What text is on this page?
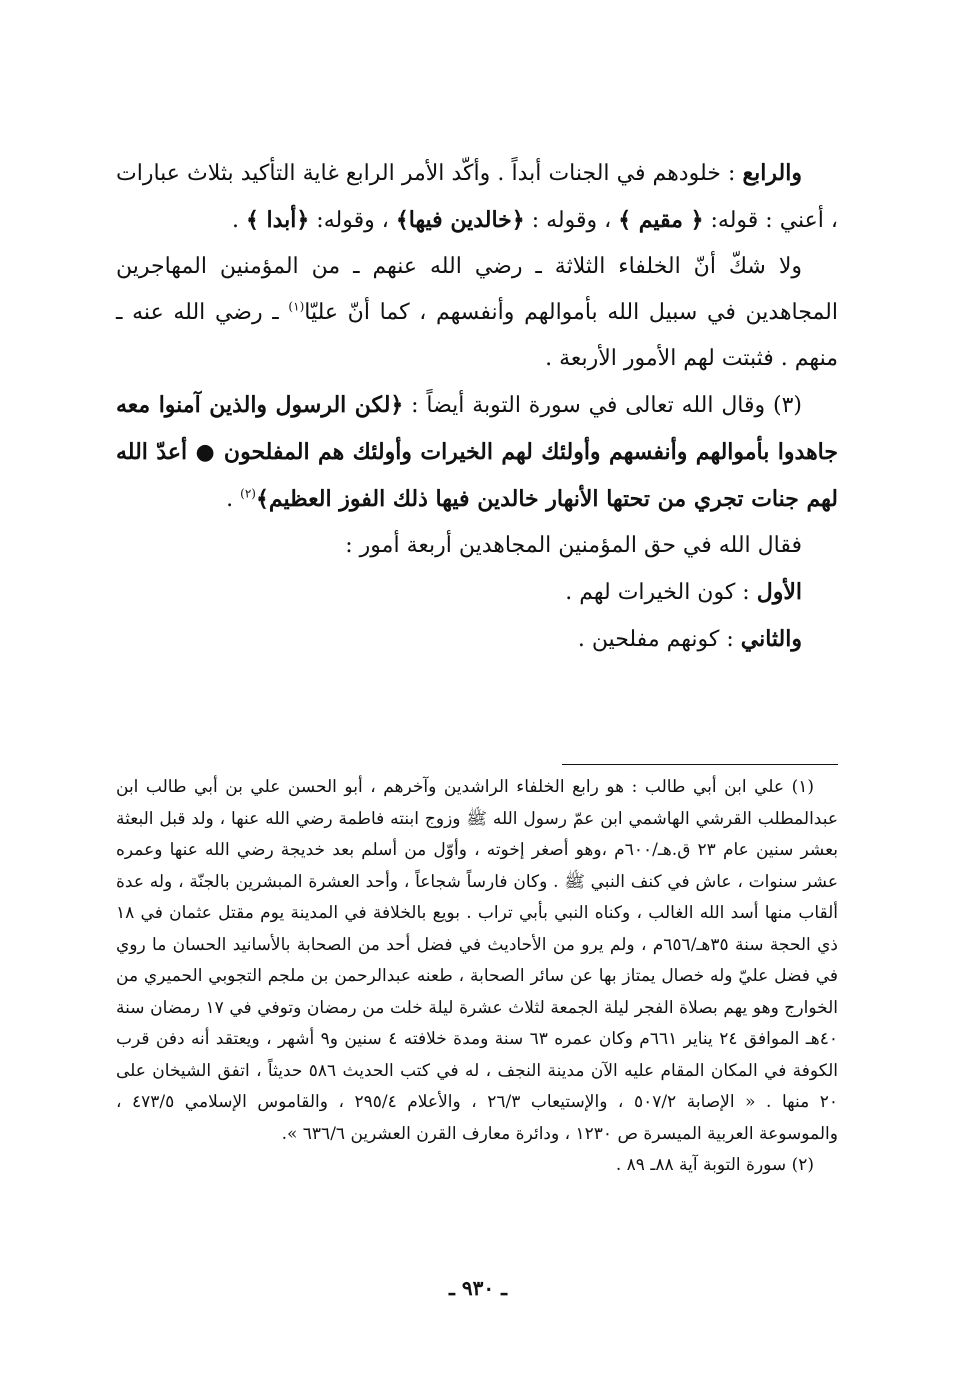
والرابع : خلودهم في الجنات أبداً . وأكّد الأمر الرابع غاية التأكيد بثلاث عبارات ، أعني : قوله: ﴿ مقيم ﴾ ، وقوله : ﴿خالدين فيها﴾ ، وقوله: ﴿أبدا ﴾ .

ولا شكّ أنّ الخلفاء الثلاثة ـ رضي الله عنهم ـ من المؤمنين المهاجرين المجاهدين في سبيل الله بأموالهم وأنفسهم ، كما أنّ عليّا$^{(١)}$ ـ رضي الله عنه ـ منهم . فثبتت لهم الأمور الأربعة .

(٣) وقال الله تعالى في سورة التوبة أيضاً : ﴿لكن الرسول والذين آمنوا معه جاهدوا بأموالهم وأنفسهم وأولئك لهم الخيرات وأولئك هم المفلحون ● أعدّ الله لهم جنات تجري من تحتها الأنهار خالدين فيها ذلك الفوز العظيم﴾$^{(٢)}$ .

فقال الله في حق المؤمنين المجاهدين أربعة أمور :

الأول : كون الخيرات لهم .

والثاني : كونهم مفلحين .

(١) علي ابن أبي طالب : هو رابع الخلفاء الراشدين وآخرهم ، أبو الحسن علي بن أبي طالب ابن عبدالمطلب القرشي الهاشمي ابن عمّ رسول الله ﷺ وزوج ابنته فاطمة رضي الله عنها ، ولد قبل البعثة بعشر سنين عام ٢٣ ق.هـ/٦٠٠م ،وهو أصغر إخوته ، وأوّل من أسلم بعد خديجة رضي الله عنها وعمره عشر سنوات ، عاش في كنف النبي ﷺ . وكان فارساً شجاعاً ، وأحد العشرة المبشرين بالجنّة ، وله عدة ألقاب منها أسد الله الغالب ، وكناه النبي بأبي تراب . بويع بالخلافة في المدينة يوم مقتل عثمان في ١٨ ذي الحجة سنة ٣٥هـ/٦٥٦م ، ولم يرو من الأحاديث في فضل أحد من الصحابة بالأسانيد الحسان ما روي في فضل عليّ وله خصال يمتاز بها عن سائر الصحابة ، طعنه عبدالرحمن بن ملجم التجوبي الحميري من الخوارج وهو يهم بصلاة الفجر ليلة الجمعة لثلاث عشرة ليلة خلت من رمضان وتوفي في ١٧ رمضان سنة ٤٠هـ الموافق ٢٤ يناير ٦٦١م وكان عمره ٦٣ سنة ومدة خلافته ٤ سنين و٩ أشهر ، ويعتقد أنه دفن قرب الكوفة في المكان المقام عليه الآن مدينة النجف ، له في كتب الحديث ٥٨٦ حديثاً ، اتفق الشيخان على ٢٠ منها . « الإصابة ٥٠٧/٢ ، والإستيعاب ٢٦/٣ ، والأعلام ٢٩٥/٤ ، والقاموس الإسلامي ٤٧٣/٥ ، والموسوعة العربية الميسرة ص ١٢٣٠ ، ودائرة معارف القرن العشرين ٦٣٦/٦ ».

(٢) سورة التوبة آية ٨٨ـ ٨٩ .

ـ ٩٣٠ ـ
